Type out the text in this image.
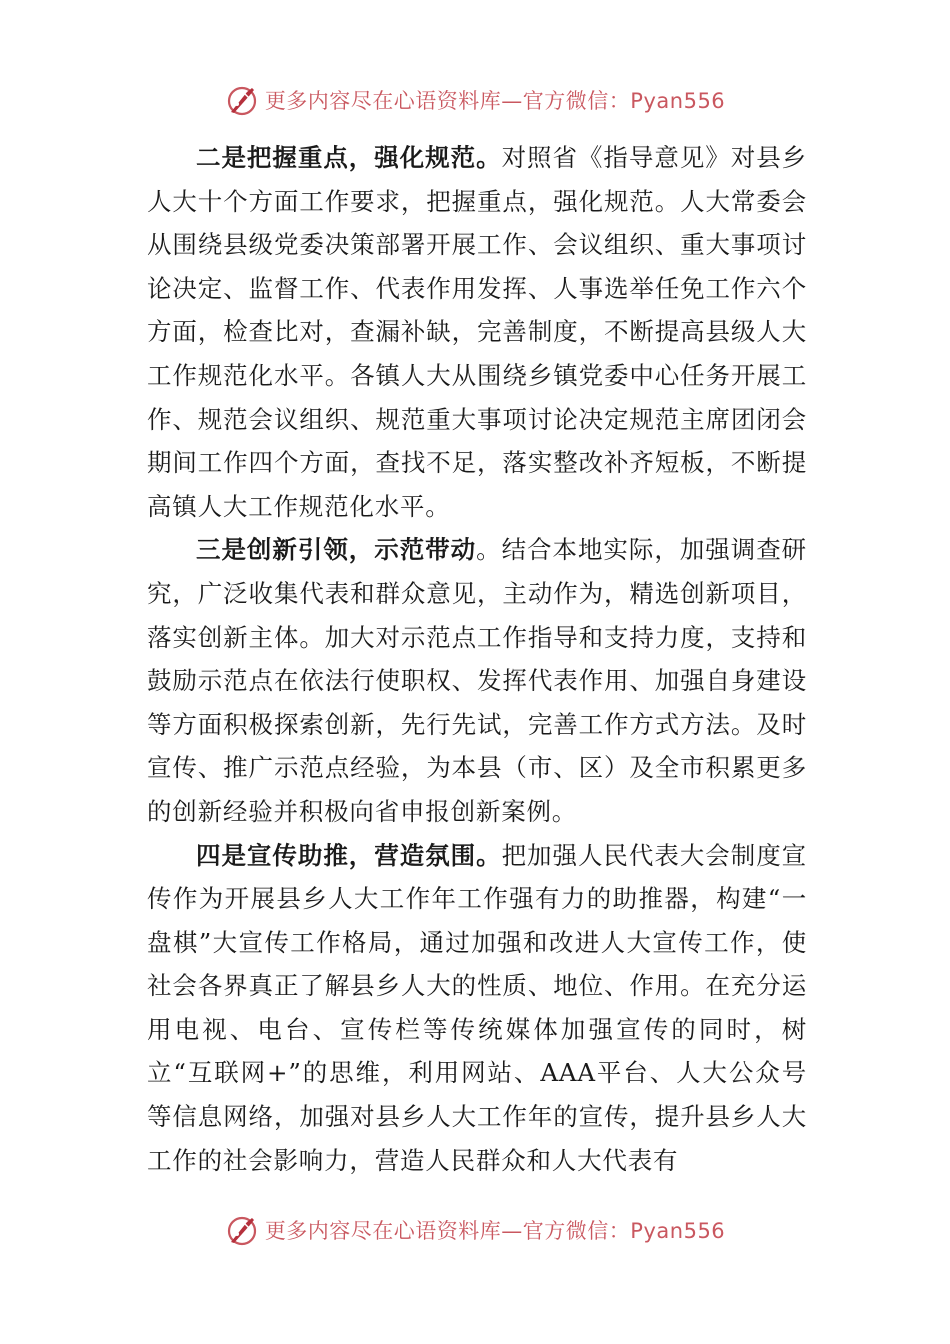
更多内容尽在心语资料库—官方微信：Pyan556

二是把握重点，强化规范。对照省《指导意见》对县乡人大十个方面工作要求，把握重点，强化规范。人大常委会从围绕县级党委决策部署开展工作、会议组织、重大事项讨论决定、监督工作、代表作用发挥、人事选举任免工作六个方面，检查比对，查漏补缺，完善制度，不断提高县级人大工作规范化水平。各镇人大从围绕乡镇党委中心任务开展工作、规范会议组织、规范重大事项讨论决定规范主席团闭会期间工作四个方面，查找不足，落实整改补齐短板，不断提高镇人大工作规范化水平。

三是创新引领，示范带动。结合本地实际，加强调查研究，广泛收集代表和群众意见，主动作为，精选创新项目，落实创新主体。加大对示范点工作指导和支持力度，支持和鼓励示范点在依法行使职权、发挥代表作用、加强自身建设等方面积极探索创新，先行先试，完善工作方式方法。及时宣传、推广示范点经验，为本县（市、区）及全市积累更多的创新经验并积极向省申报创新案例。

四是宣传助推，营造氛围。把加强人民代表大会制度宣传作为开展县乡人大工作年工作强有力的助推器，构建“一盘棋”大宣传工作格局，通过加强和改进人大宣传工作，使社会各界真正了解县乡人大的性质、地位、作用。在充分运用电视、电台、宣传栏等传统媒体加强宣传的同时，树立“互联网+”的思维，利用网站、AAA平台、人大公众号等信息网络，加强对县乡人大工作年的宣传，提升县乡人大工作的社会影响力，营造人民群众和人大代表有

更多内容尽在心语资料库—官方微信：Pyan556
